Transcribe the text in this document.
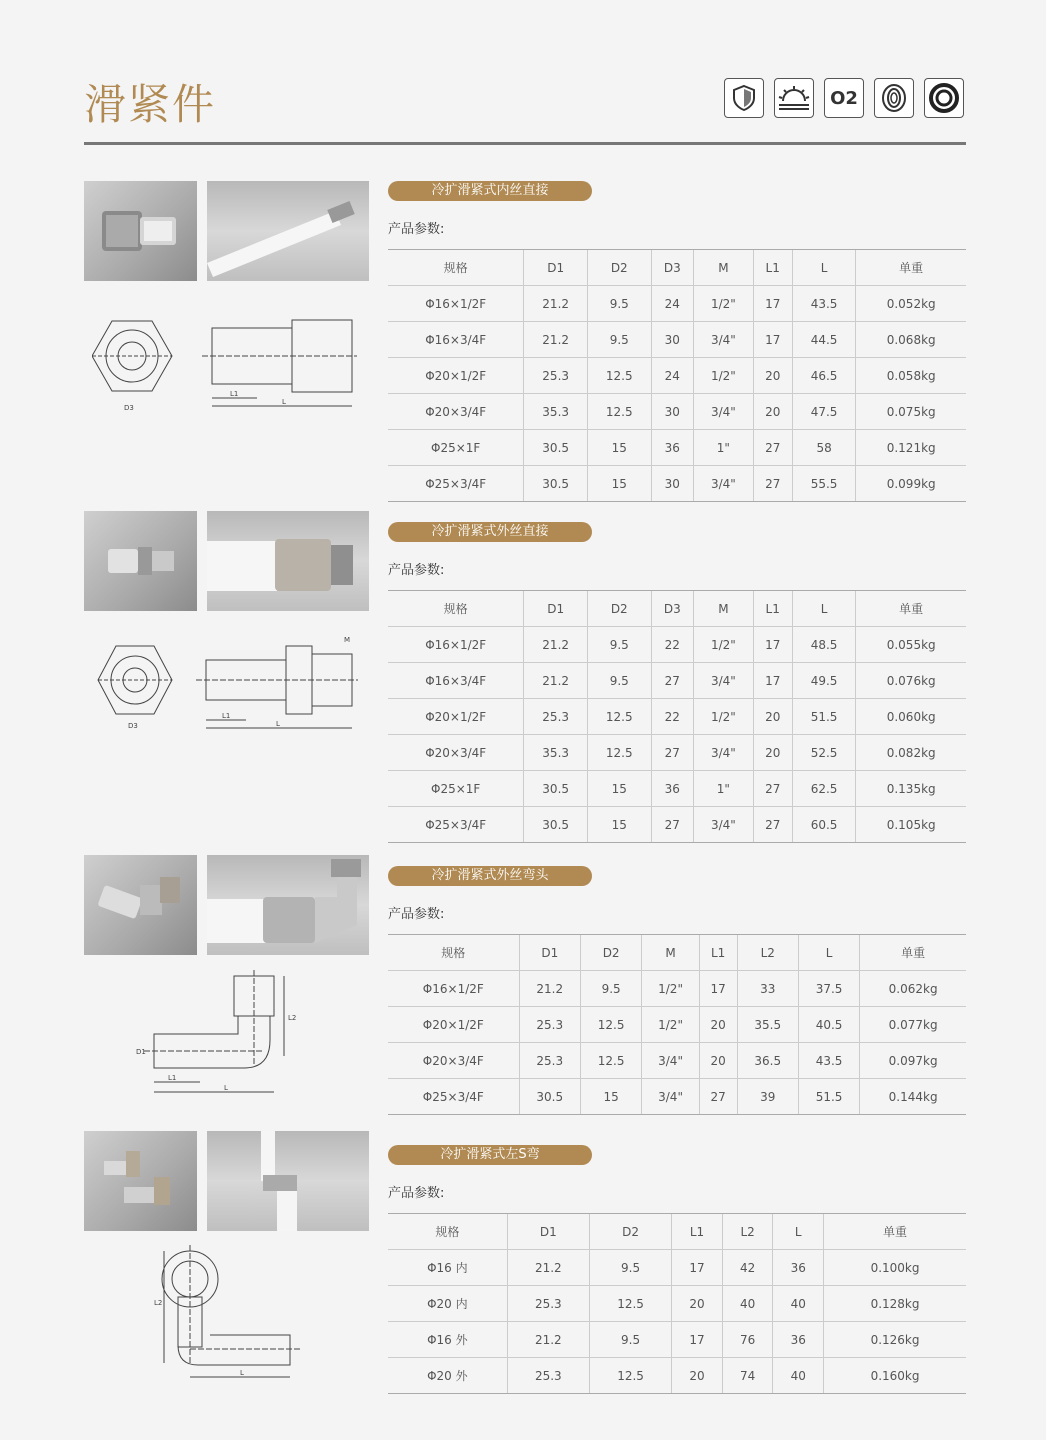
滑紧件	O2
D3
L1
L
冷扩滑紧式内丝直接
产品参数:
规格	D1	D2	D3	M	L1	L	单重
Φ16×1/2F	21.2	9.5	24	1/2"	17	43.5	0.052kg
Φ16×3/4F	21.2	9.5	30	3/4"	17	44.5	0.068kg
Φ20×1/2F	25.3	12.5	24	1/2"	20	46.5	0.058kg
Φ20×3/4F	35.3	12.5	30	3/4"	20	47.5	0.075kg
Φ25×1F	30.5	15	36	1"	27	58	0.121kg
Φ25×3/4F	30.5	15	30	3/4"	27	55.5	0.099kg
D3
L1
L
M
冷扩滑紧式外丝直接
产品参数:
规格	D1	D2	D3	M	L1	L	单重
Φ16×1/2F	21.2	9.5	22	1/2"	17	48.5	0.055kg
Φ16×3/4F	21.2	9.5	27	3/4"	17	49.5	0.076kg
Φ20×1/2F	25.3	12.5	22	1/2"	20	51.5	0.060kg
Φ20×3/4F	35.3	12.5	27	3/4"	20	52.5	0.082kg
Φ25×1F	30.5	15	36	1"	27	62.5	0.135kg
Φ25×3/4F	30.5	15	27	3/4"	27	60.5	0.105kg
D1
L1
L
L2
冷扩滑紧式外丝弯头
产品参数:
规格	D1	D2	M	L1	L2	L	单重
Φ16×1/2F	21.2	9.5	1/2"	17	33	37.5	0.062kg
Φ20×1/2F	25.3	12.5	1/2"	20	35.5	40.5	0.077kg
Φ20×3/4F	25.3	12.5	3/4"	20	36.5	43.5	0.097kg
Φ25×3/4F	30.5	15	3/4"	27	39	51.5	0.144kg
L2
L
冷扩滑紧式左S弯
产品参数:
规格	D1	D2	L1	L2	L	单重
Φ16 内	21.2	9.5	17	42	36	0.100kg
Φ20 内	25.3	12.5	20	40	40	0.128kg
Φ16 外	21.2	9.5	17	76	36	0.126kg
Φ20 外	25.3	12.5	20	74	40	0.160kg
